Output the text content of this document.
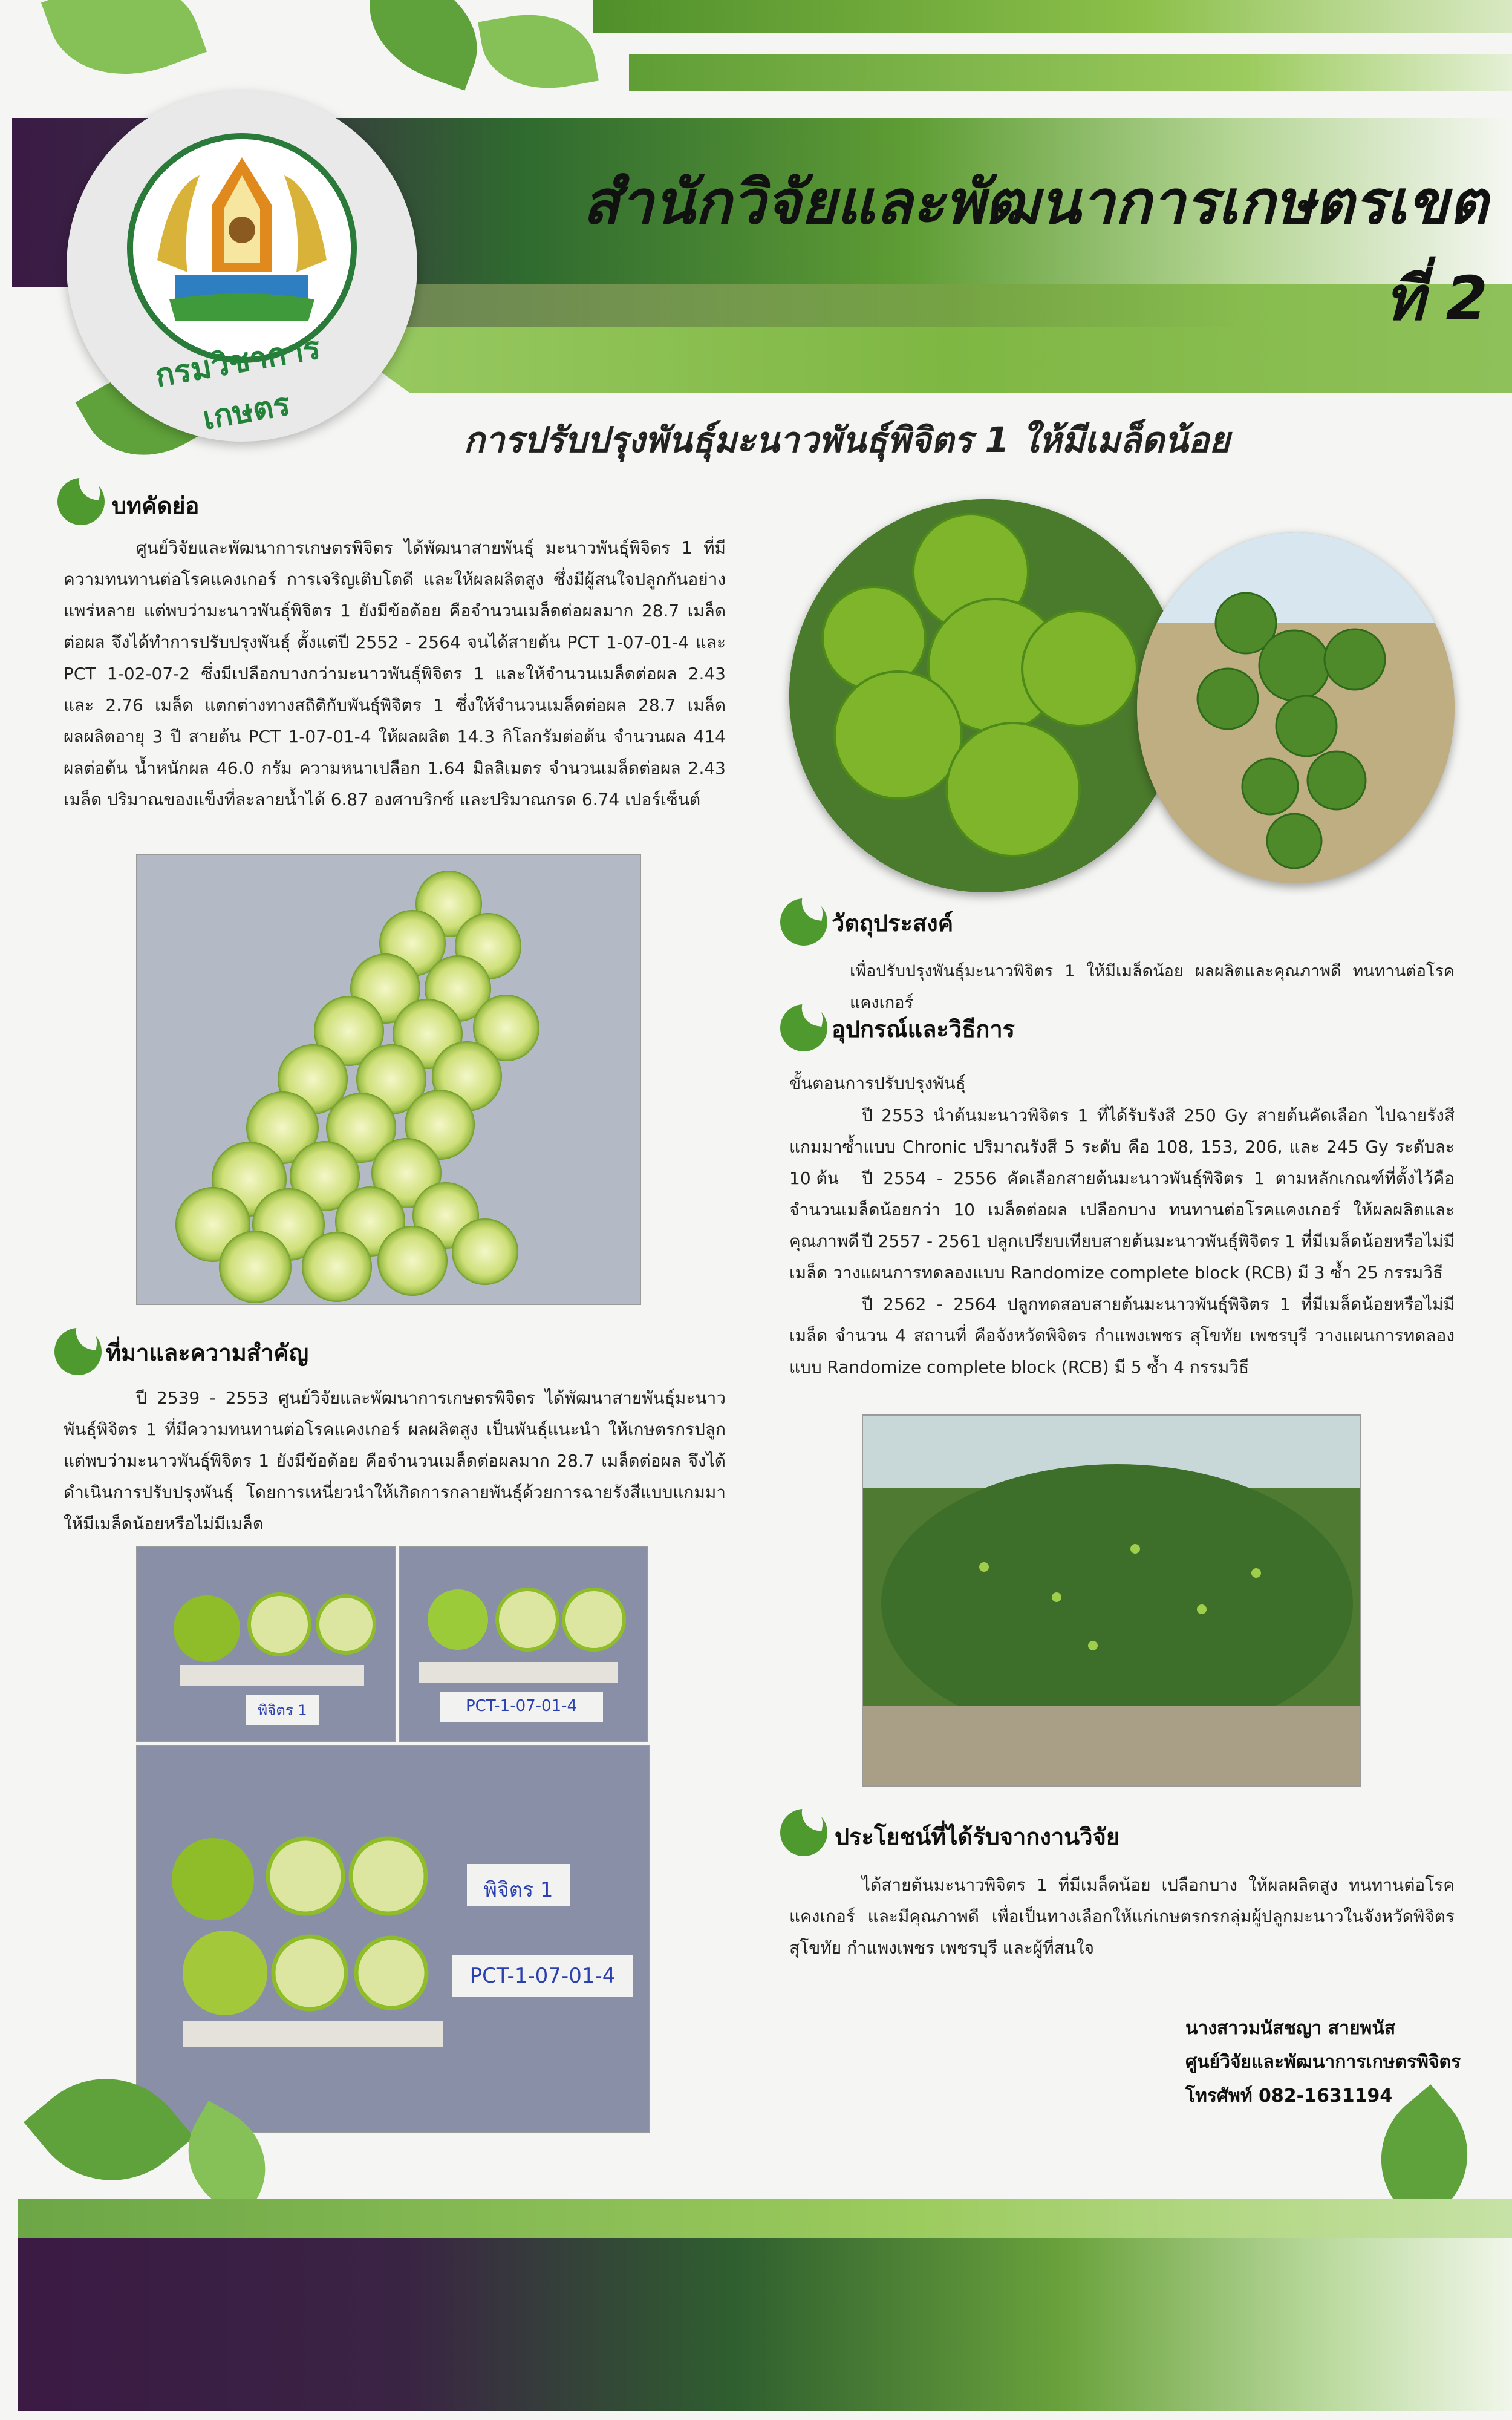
กรมวิชาการเกษตร
สำนักวิจัยและพัฒนาการเกษตรเขตที่ 2
การปรับปรุงพันธุ์มะนาวพันธุ์พิจิตร 1 ให้มีเมล็ดน้อย
บทคัดย่อ
ศูนย์วิจัยและพัฒนาการเกษตรพิจิตร ได้พัฒนาสายพันธุ์ มะนาวพันธุ์พิจิตร 1 ที่มีความทนทานต่อโรคแคงเกอร์ การเจริญเติบโตดี และให้ผลผลิตสูง ซึ่งมีผู้สนใจปลูกกันอย่างแพร่หลาย แต่พบว่ามะนาวพันธุ์พิจิตร 1 ยังมีข้อด้อย คือจำนวนเมล็ดต่อผลมาก 28.7 เมล็ดต่อผล จึงได้ทำการปรับปรุงพันธุ์ ตั้งแต่ปี 2552 - 2564 จนได้สายต้น PCT 1-07-01-4 และ PCT 1-02-07-2 ซึ่งมีเปลือกบางกว่ามะนาวพันธุ์พิจิตร 1 และให้จำนวนเมล็ดต่อผล 2.43 และ 2.76 เมล็ด แตกต่างทางสถิติกับพันธุ์พิจิตร 1 ซึ่งให้จำนวนเมล็ดต่อผล 28.7 เมล็ด ผลผลิตอายุ 3 ปี สายต้น PCT 1-07-01-4 ให้ผลผลิต 14.3 กิโลกรัมต่อต้น จำนวนผล 414 ผลต่อต้น น้ำหนักผล 46.0 กรัม ความหนาเปลือก 1.64 มิลลิเมตร จำนวนเมล็ดต่อผล 2.43 เมล็ด ปริมาณของแข็งที่ละลายน้ำได้ 6.87 องศาบริกซ์ และปริมาณกรด 6.74 เปอร์เซ็นต์
ที่มาและความสำคัญ
ปี 2539 - 2553 ศูนย์วิจัยและพัฒนาการเกษตรพิจิตร ได้พัฒนาสายพันธุ์มะนาวพันธุ์พิจิตร 1 ที่มีความทนทานต่อโรคแคงเกอร์ ผลผลิตสูง เป็นพันธุ์แนะนำ ให้เกษตรกรปลูก แต่พบว่ามะนาวพันธุ์พิจิตร 1 ยังมีข้อด้อย คือจำนวนเมล็ดต่อผลมาก 28.7 เมล็ดต่อผล จึงได้ดำเนินการปรับปรุงพันธุ์ โดยการเหนี่ยวนำให้เกิดการกลายพันธุ์ด้วยการฉายรังสีแบบแกมมา ให้มีเมล็ดน้อยหรือไม่มีเมล็ด
พิจิตร 1	PCT-1-07-01-4
พิจิตร 1
PCT-1-07-01-4
วัตถุประสงค์
เพื่อปรับปรุงพันธุ์มะนาวพิจิตร 1 ให้มีเมล็ดน้อย ผลผลิตและคุณภาพดี ทนทานต่อโรคแคงเกอร์
อุปกรณ์และวิธีการ
ขั้นตอนการปรับปรุงพันธุ์
ปี 2553 นำต้นมะนาวพิจิตร 1 ที่ได้รับรังสี 250 Gy สายต้นคัดเลือก ไปฉายรังสีแกมมาซ้ำแบบ Chronic ปริมาณรังสี 5 ระดับ คือ 108, 153, 206, และ 245 Gy ระดับละ 10 ต้น	ปี 2554 - 2556 คัดเลือกสายต้นมะนาวพันธุ์พิจิตร 1 ตามหลักเกณฑ์ที่ตั้งไว้คือ จำนวนเมล็ดน้อยกว่า 10 เมล็ดต่อผล เปลือกบาง ทนทานต่อโรคแคงเกอร์ ให้ผลผลิตและคุณภาพดี ปี 2557 - 2561 ปลูกเปรียบเทียบสายต้นมะนาวพันธุ์พิจิตร 1 ที่มีเมล็ดน้อยหรือไม่มีเมล็ด วางแผนการทดลองแบบ Randomize complete block (RCB) มี 3 ซ้ำ 25 กรรมวิธี
ปี 2562 - 2564 ปลูกทดสอบสายต้นมะนาวพันธุ์พิจิตร 1 ที่มีเมล็ดน้อยหรือไม่มีเมล็ด จำนวน 4 สถานที่ คือจังหวัดพิจิตร กำแพงเพชร สุโขทัย เพชรบุรี วางแผนการทดลองแบบ Randomize complete block (RCB) มี 5 ซ้ำ 4 กรรมวิธี
ประโยชน์ที่ได้รับจากงานวิจัย
ได้สายต้นมะนาวพิจิตร 1 ที่มีเมล็ดน้อย เปลือกบาง ให้ผลผลิตสูง ทนทานต่อโรคแคงเกอร์ และมีคุณภาพดี เพื่อเป็นทางเลือกให้แก่เกษตรกรกลุ่มผู้ปลูกมะนาวในจังหวัดพิจิตร สุโขทัย กำแพงเพชร เพชรบุรี และผู้ที่สนใจ
นางสาวมนัสชญา สายพนัส
ศูนย์วิจัยและพัฒนาการเกษตรพิจิตร
โทรศัพท์ 082-1631194
